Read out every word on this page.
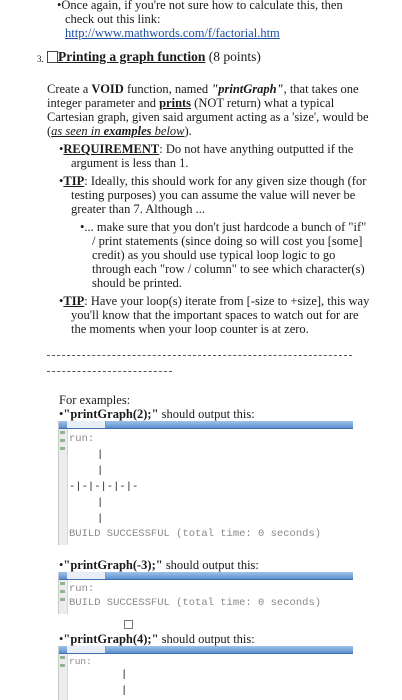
•Once again, if you're not sure how to calculate this, then
check out this link:
http://www.mathwords.com/f/factorial.htm
3. Printing a graph function (8 points)
Create a VOID function, named "printGraph", that takes one
integer parameter and prints (NOT return) what a typical
Cartesian graph, given said argument acting as a 'size', would be
(as seen in examples below).
•REQUIREMENT: Do not have anything outputted if the
argument is less than 1.
•TIP: Ideally, this should work for any given size though (for
testing purposes) you can assume the value will never be
greater than 7. Although ...
•... make sure that you don't just hardcode a bunch of "if"
/ print statements (since doing so will cost you [some]
credit) as you should use typical loop logic to go
through each "row / column" to see which character(s)
should be printed.
•TIP: Have your loop(s) iterate from [-size to +size], this way
you'll know that the important spaces to watch out for are
the moments when your loop counter is at zero.
For examples:
•"printGraph(2);" should output this:
run:
|
|
-|-|-|-|-|-
|
|
BUILD SUCCESSFUL (total time: 0 seconds)
•"printGraph(-3);" should output this:
run:
BUILD SUCCESSFUL (total time: 0 seconds)
•"printGraph(4);" should output this:
run:
|
|
